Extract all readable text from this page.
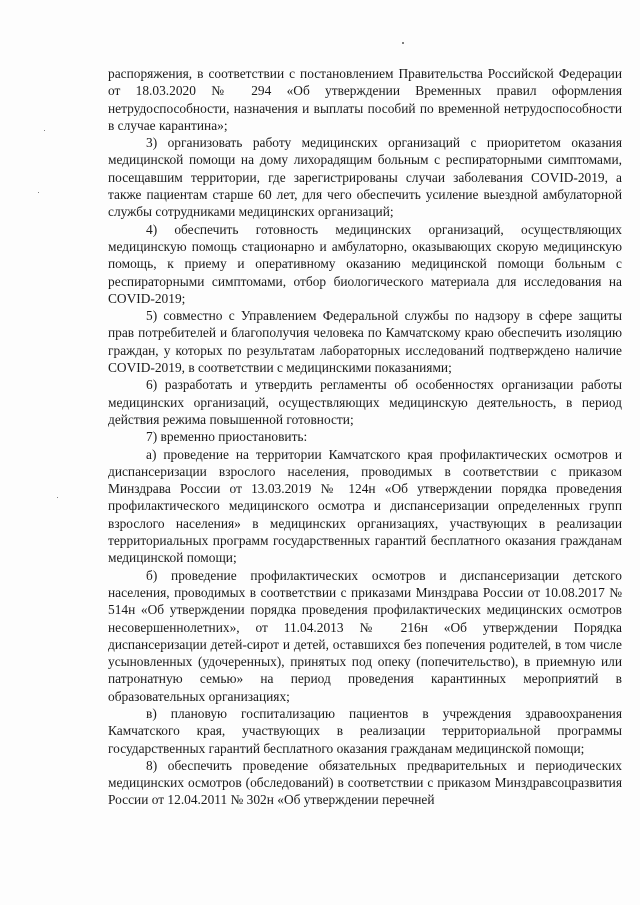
распоряжения, в соответствии с постановлением Правительства Российской Федерации от 18.03.2020 № 294 «Об утверждении Временных правил оформления нетрудоспособности, назначения и выплаты пособий по временной нетрудоспособности в случае карантина»;

3) организовать работу медицинских организаций с приоритетом оказания медицинской помощи на дому лихорадящим больным с респираторными симптомами, посещавшим территории, где зарегистрированы случаи заболевания COVID-2019, а также пациентам старше 60 лет, для чего обеспечить усиление выездной амбулаторной службы сотрудниками медицинских организаций;

4) обеспечить готовность медицинских организаций, осуществляющих медицинскую помощь стационарно и амбулаторно, оказывающих скорую медицинскую помощь, к приему и оперативному оказанию медицинской помощи больным с респираторными симптомами, отбор биологического материала для исследования на COVID-2019;

5) совместно с Управлением Федеральной службы по надзору в сфере защиты прав потребителей и благополучия человека по Камчатскому краю обеспечить изоляцию граждан, у которых по результатам лабораторных исследований подтверждено наличие COVID-2019, в соответствии с медицинскими показаниями;

6) разработать и утвердить регламенты об особенностях организации работы медицинских организаций, осуществляющих медицинскую деятельность, в период действия режима повышенной готовности;

7) временно приостановить:

а) проведение на территории Камчатского края профилактических осмотров и диспансеризации взрослого населения, проводимых в соответствии с приказом Минздрава России от 13.03.2019 № 124н «Об утверждении порядка проведения профилактического медицинского осмотра и диспансеризации определенных групп взрослого населения» в медицинских организациях, участвующих в реализации территориальных программ государственных гарантий бесплатного оказания гражданам медицинской помощи;

б) проведение профилактических осмотров и диспансеризации детского населения, проводимых в соответствии с приказами Минздрава России от 10.08.2017 № 514н «Об утверждении порядка проведения профилактических медицинских осмотров несовершеннолетних», от 11.04.2013 № 216н «Об утверждении Порядка диспансеризации детей-сирот и детей, оставшихся без попечения родителей, в том числе усыновленных (удочеренных), принятых под опеку (попечительство), в приемную или патронатную семью» на период проведения карантинных мероприятий в образовательных организациях;

в) плановую госпитализацию пациентов в учреждения здравоохранения Камчатского края, участвующих в реализации территориальной программы государственных гарантий бесплатного оказания гражданам медицинской помощи;

8) обеспечить проведение обязательных предварительных и периодических медицинских осмотров (обследований) в соответствии с приказом Минздравсоцразвития России от 12.04.2011 № 302н «Об утверждении перечней
